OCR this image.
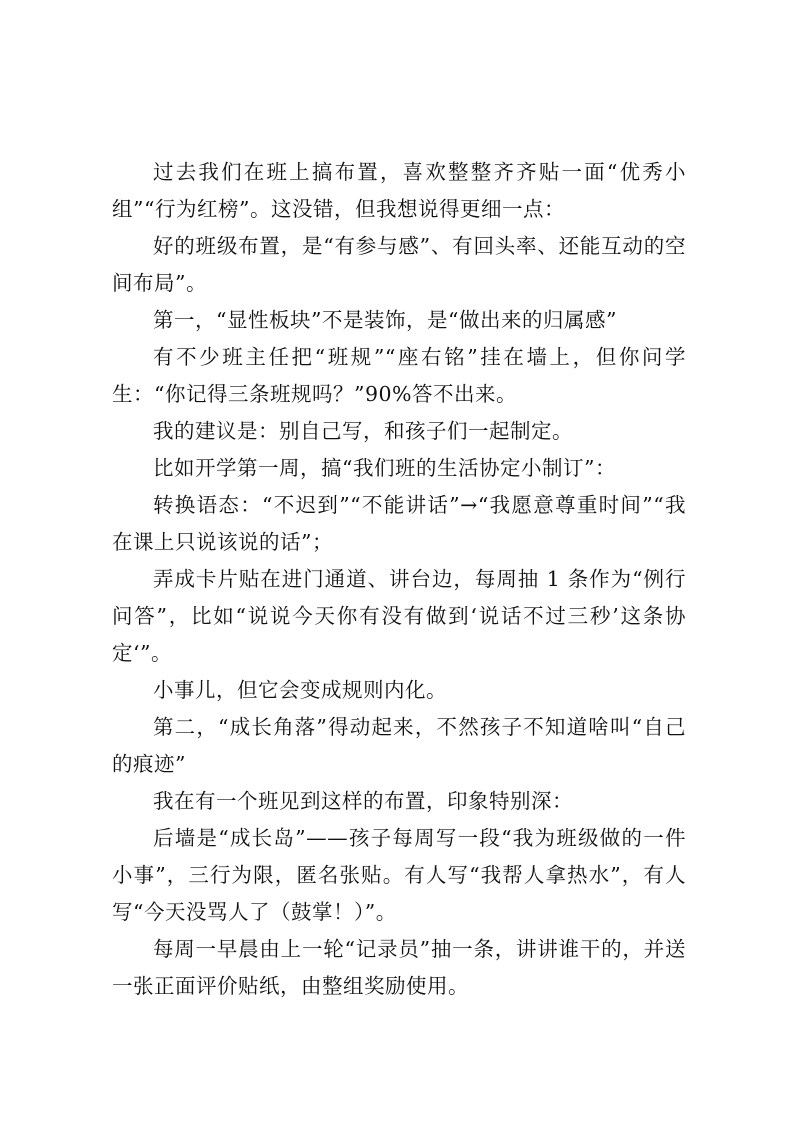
过去我们在班上搞布置，喜欢整整齐齐贴一面“优秀小组”“行为红榜”。这没错，但我想说得更细一点：

好的班级布置，是“有参与感”、有回头率、还能互动的空间布局”。

第一，“显性板块”不是装饰，是“做出来的归属感”

有不少班主任把“班规”“座右铭”挂在墙上，但你问学生：“你记得三条班规吗？”90%答不出来。

我的建议是：别自己写，和孩子们一起制定。

比如开学第一周，搞“我们班的生活协定小制订”：

转换语态：“不迟到”“不能讲话”→“我愿意尊重时间”“我在课上只说该说的话”；

弄成卡片贴在进门通道、讲台边，每周抽 1 条作为“例行问答”，比如“说说今天你有没有做到‘说话不过三秒’这条协定‘”。

小事儿，但它会变成规则内化。

第二，“成长角落”得动起来，不然孩子不知道啥叫“自己的痕迹”

我在有一个班见到这样的布置，印象特别深：

后墙是“成长岛”——孩子每周写一段“我为班级做的一件小事”，三行为限，匿名张贴。有人写“我帮人拿热水”，有人写“今天没骂人了（鼓掌！）”。

每周一早晨由上一轮“记录员”抽一条，讲讲谁干的，并送一张正面评价贴纸，由整组奖励使用。
